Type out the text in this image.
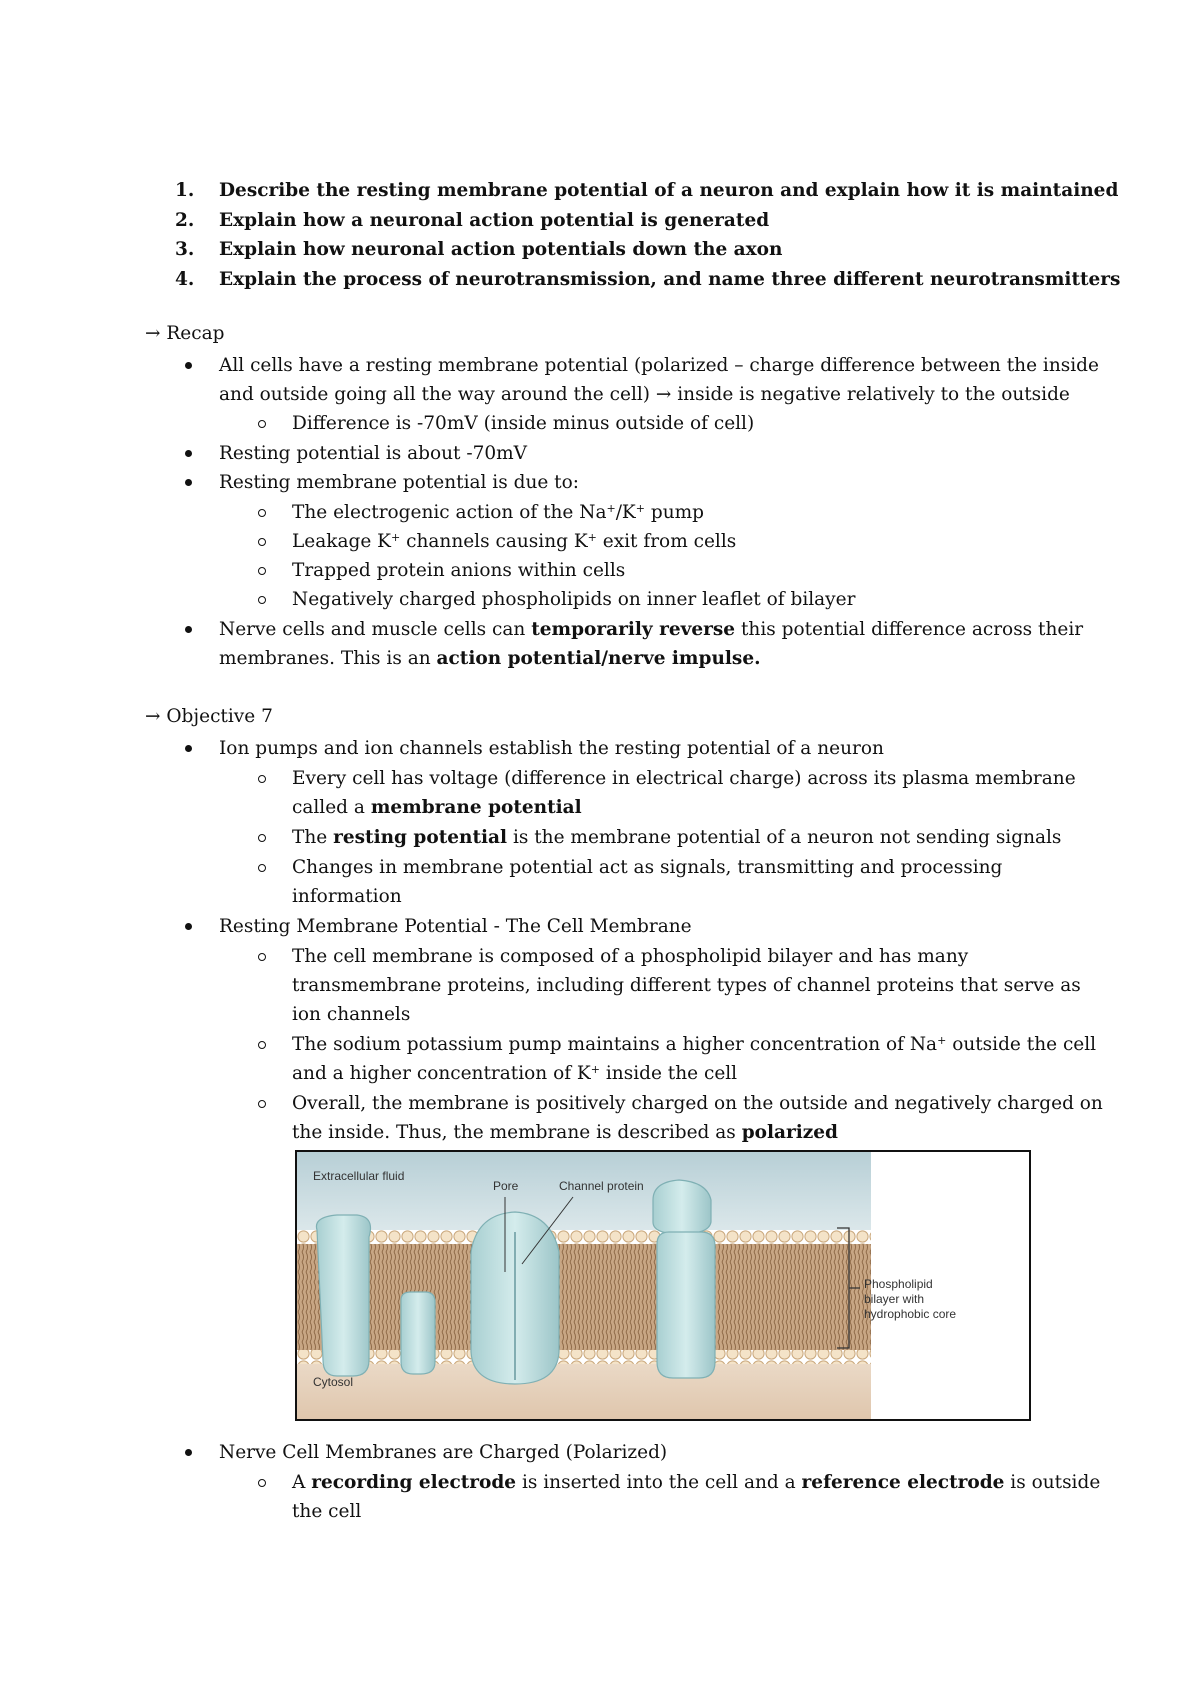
1. Describe the resting membrane potential of a neuron and explain how it is maintained
2. Explain how a neuronal action potential is generated
3. Explain how neuronal action potentials down the axon
4. Explain the process of neurotransmission, and name three different neurotransmitters
→ Recap
All cells have a resting membrane potential (polarized – charge difference between the inside
and outside going all the way around the cell) → inside is negative relatively to the outside
Difference is -70mV (inside minus outside of cell)
Resting potential is about -70mV
Resting membrane potential is due to:
The electrogenic action of the Na+/K+ pump
Leakage K+ channels causing K+ exit from cells
Trapped protein anions within cells
Negatively charged phospholipids on inner leaflet of bilayer
Nerve cells and muscle cells can temporarily reverse this potential difference across their
membranes. This is an action potential/nerve impulse.
→ Objective 7
Ion pumps and ion channels establish the resting potential of a neuron
Every cell has voltage (difference in electrical charge) across its plasma membrane
called a membrane potential
The resting potential is the membrane potential of a neuron not sending signals
Changes in membrane potential act as signals, transmitting and processing
information
Resting Membrane Potential - The Cell Membrane
The cell membrane is composed of a phospholipid bilayer and has many
transmembrane proteins, including different types of channel proteins that serve as
ion channels
The sodium potassium pump maintains a higher concentration of Na+ outside the cell
and a higher concentration of K+ inside the cell
Overall, the membrane is positively charged on the outside and negatively charged on
the inside. Thus, the membrane is described as polarized
Extracellular fluid
Pore	Channel protein
Phospholipid
bilayer with
hydrophobic core
Cytosol
Nerve Cell Membranes are Charged (Polarized)
A recording electrode is inserted into the cell and a reference electrode is outside
the cell
